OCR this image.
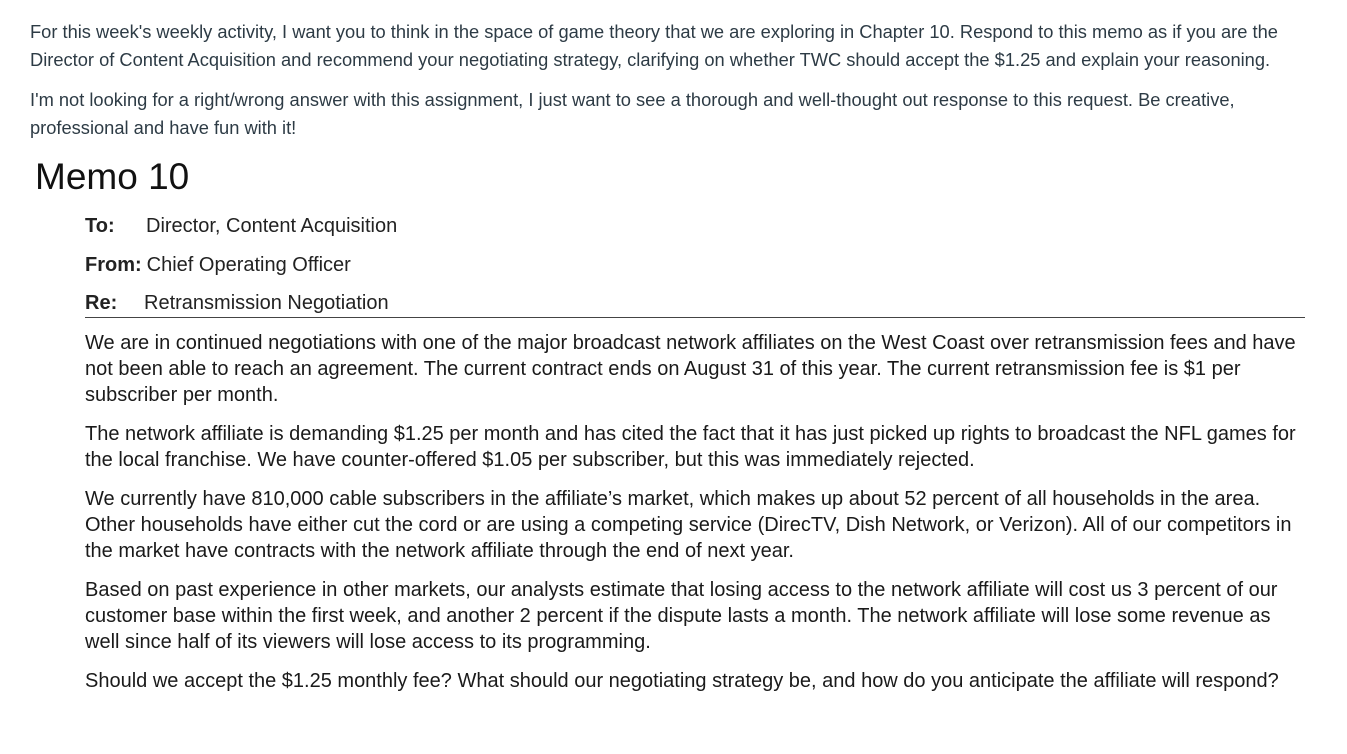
For this week's weekly activity, I want you to think in the space of game theory that we are exploring in Chapter 10. Respond to this memo as if you are the Director of Content Acquisition and recommend your negotiating strategy, clarifying on whether TWC should accept the $1.25 and explain your reasoning.

I'm not looking for a right/wrong answer with this assignment, I just want to see a thorough and well-thought out response to this request. Be creative, professional and have fun with it!

Memo 10
To: Director, Content Acquisition
From: Chief Operating Officer
Re: Retransmission Negotiation

We are in continued negotiations with one of the major broadcast network affiliates on the West Coast over retransmission fees and have not been able to reach an agreement. The current contract ends on August 31 of this year. The current retransmission fee is $1 per subscriber per month.

The network affiliate is demanding $1.25 per month and has cited the fact that it has just picked up rights to broadcast the NFL games for the local franchise. We have counter-offered $1.05 per subscriber, but this was immediately rejected.

We currently have 810,000 cable subscribers in the affiliate’s market, which makes up about 52 percent of all households in the area. Other households have either cut the cord or are using a competing service (DirecTV, Dish Network, or Verizon). All of our competitors in the market have contracts with the network affiliate through the end of next year.

Based on past experience in other markets, our analysts estimate that losing access to the network affiliate will cost us 3 percent of our customer base within the first week, and another 2 percent if the dispute lasts a month. The network affiliate will lose some revenue as well since half of its viewers will lose access to its programming.

Should we accept the $1.25 monthly fee? What should our negotiating strategy be, and how do you anticipate the affiliate will respond?
